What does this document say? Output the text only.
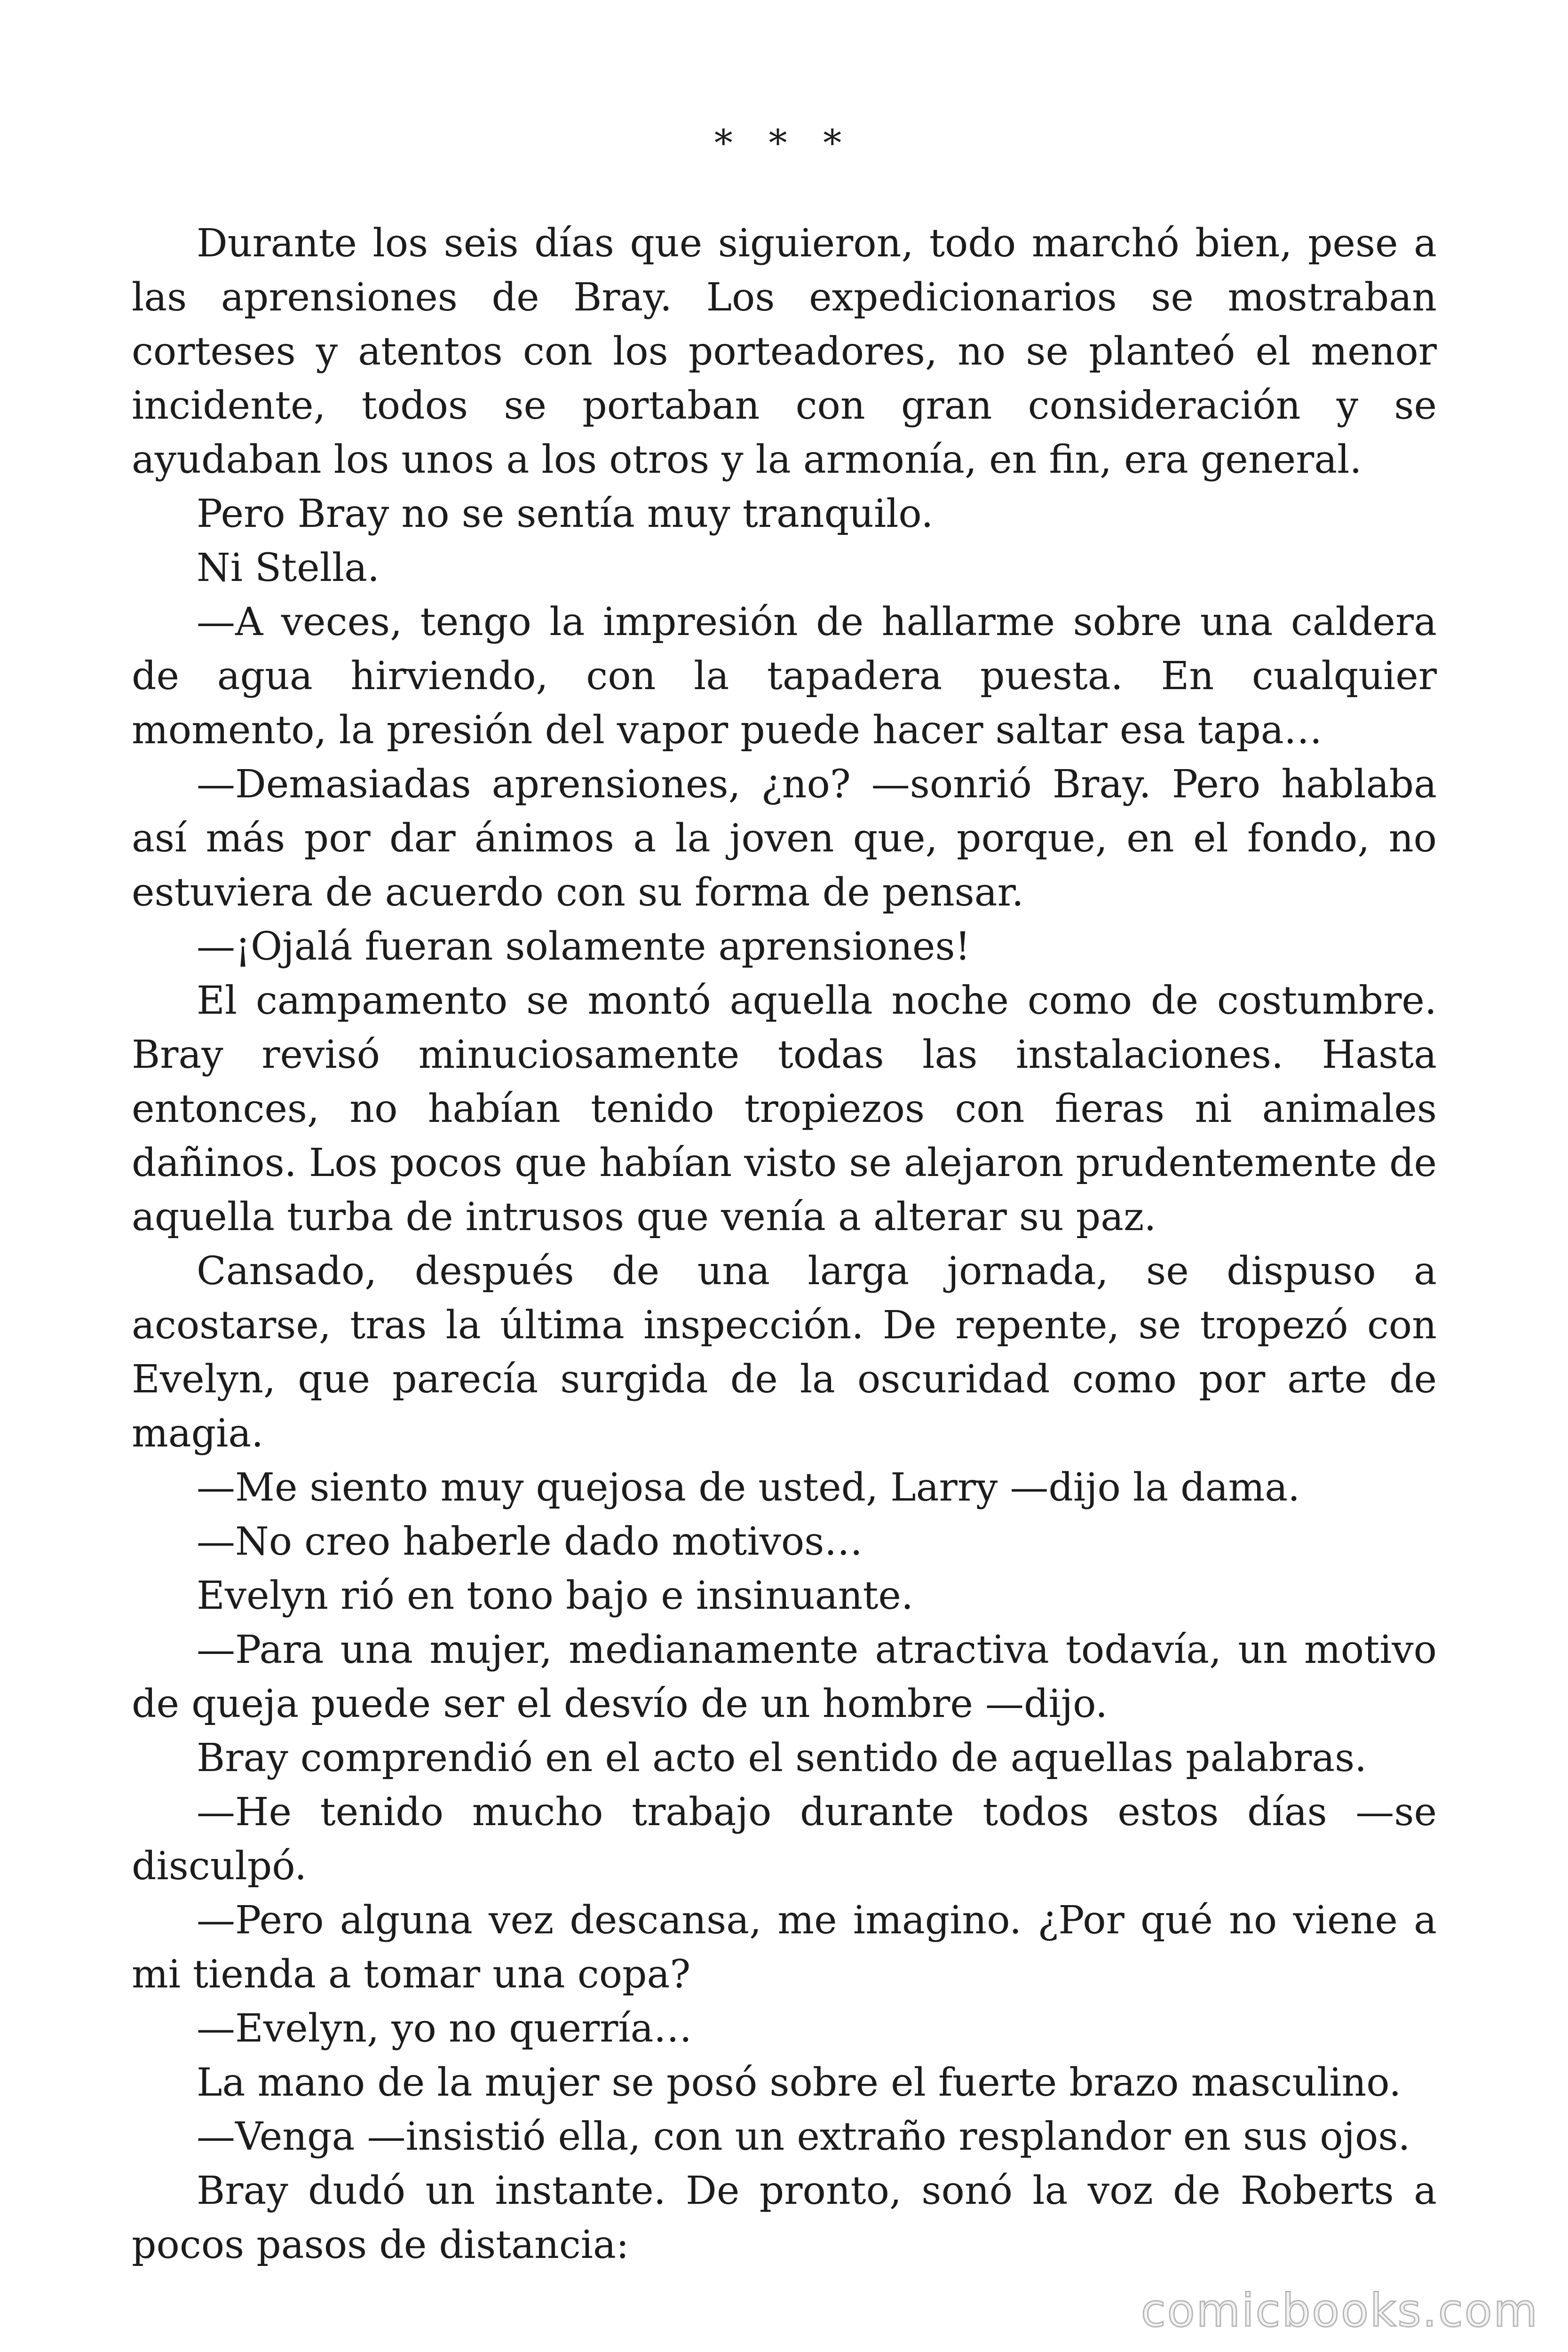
* * *

Durante los seis días que siguieron, todo marchó bien, pese a las aprensiones de Bray. Los expedicionarios se mostraban corteses y atentos con los porteadores, no se planteó el menor incidente, todos se portaban con gran consideración y se ayudaban los unos a los otros y la armonía, en fin, era general.

Pero Bray no se sentía muy tranquilo.

Ni Stella.

—A veces, tengo la impresión de hallarme sobre una caldera de agua hirviendo, con la tapadera puesta. En cualquier momento, la presión del vapor puede hacer saltar esa tapa…

—Demasiadas aprensiones, ¿no? —sonrió Bray. Pero hablaba así más por dar ánimos a la joven que, porque, en el fondo, no estuviera de acuerdo con su forma de pensar.

—¡Ojalá fueran solamente aprensiones!

El campamento se montó aquella noche como de costumbre. Bray revisó minuciosamente todas las instalaciones. Hasta entonces, no habían tenido tropiezos con fieras ni animales dañinos. Los pocos que habían visto se alejaron prudentemente de aquella turba de intrusos que venía a alterar su paz.

Cansado, después de una larga jornada, se dispuso a acostarse, tras la última inspección. De repente, se tropezó con Evelyn, que parecía surgida de la oscuridad como por arte de magia.

—Me siento muy quejosa de usted, Larry —dijo la dama.

—No creo haberle dado motivos…

Evelyn rió en tono bajo e insinuante.

—Para una mujer, medianamente atractiva todavía, un motivo de queja puede ser el desvío de un hombre —dijo.

Bray comprendió en el acto el sentido de aquellas palabras.

—He tenido mucho trabajo durante todos estos días —se disculpó.

—Pero alguna vez descansa, me imagino. ¿Por qué no viene a mi tienda a tomar una copa?

—Evelyn, yo no querría…

La mano de la mujer se posó sobre el fuerte brazo masculino.

—Venga —insistió ella, con un extraño resplandor en sus ojos.

Bray dudó un instante. De pronto, sonó la voz de Roberts a pocos pasos de distancia:

comicbooks.com
